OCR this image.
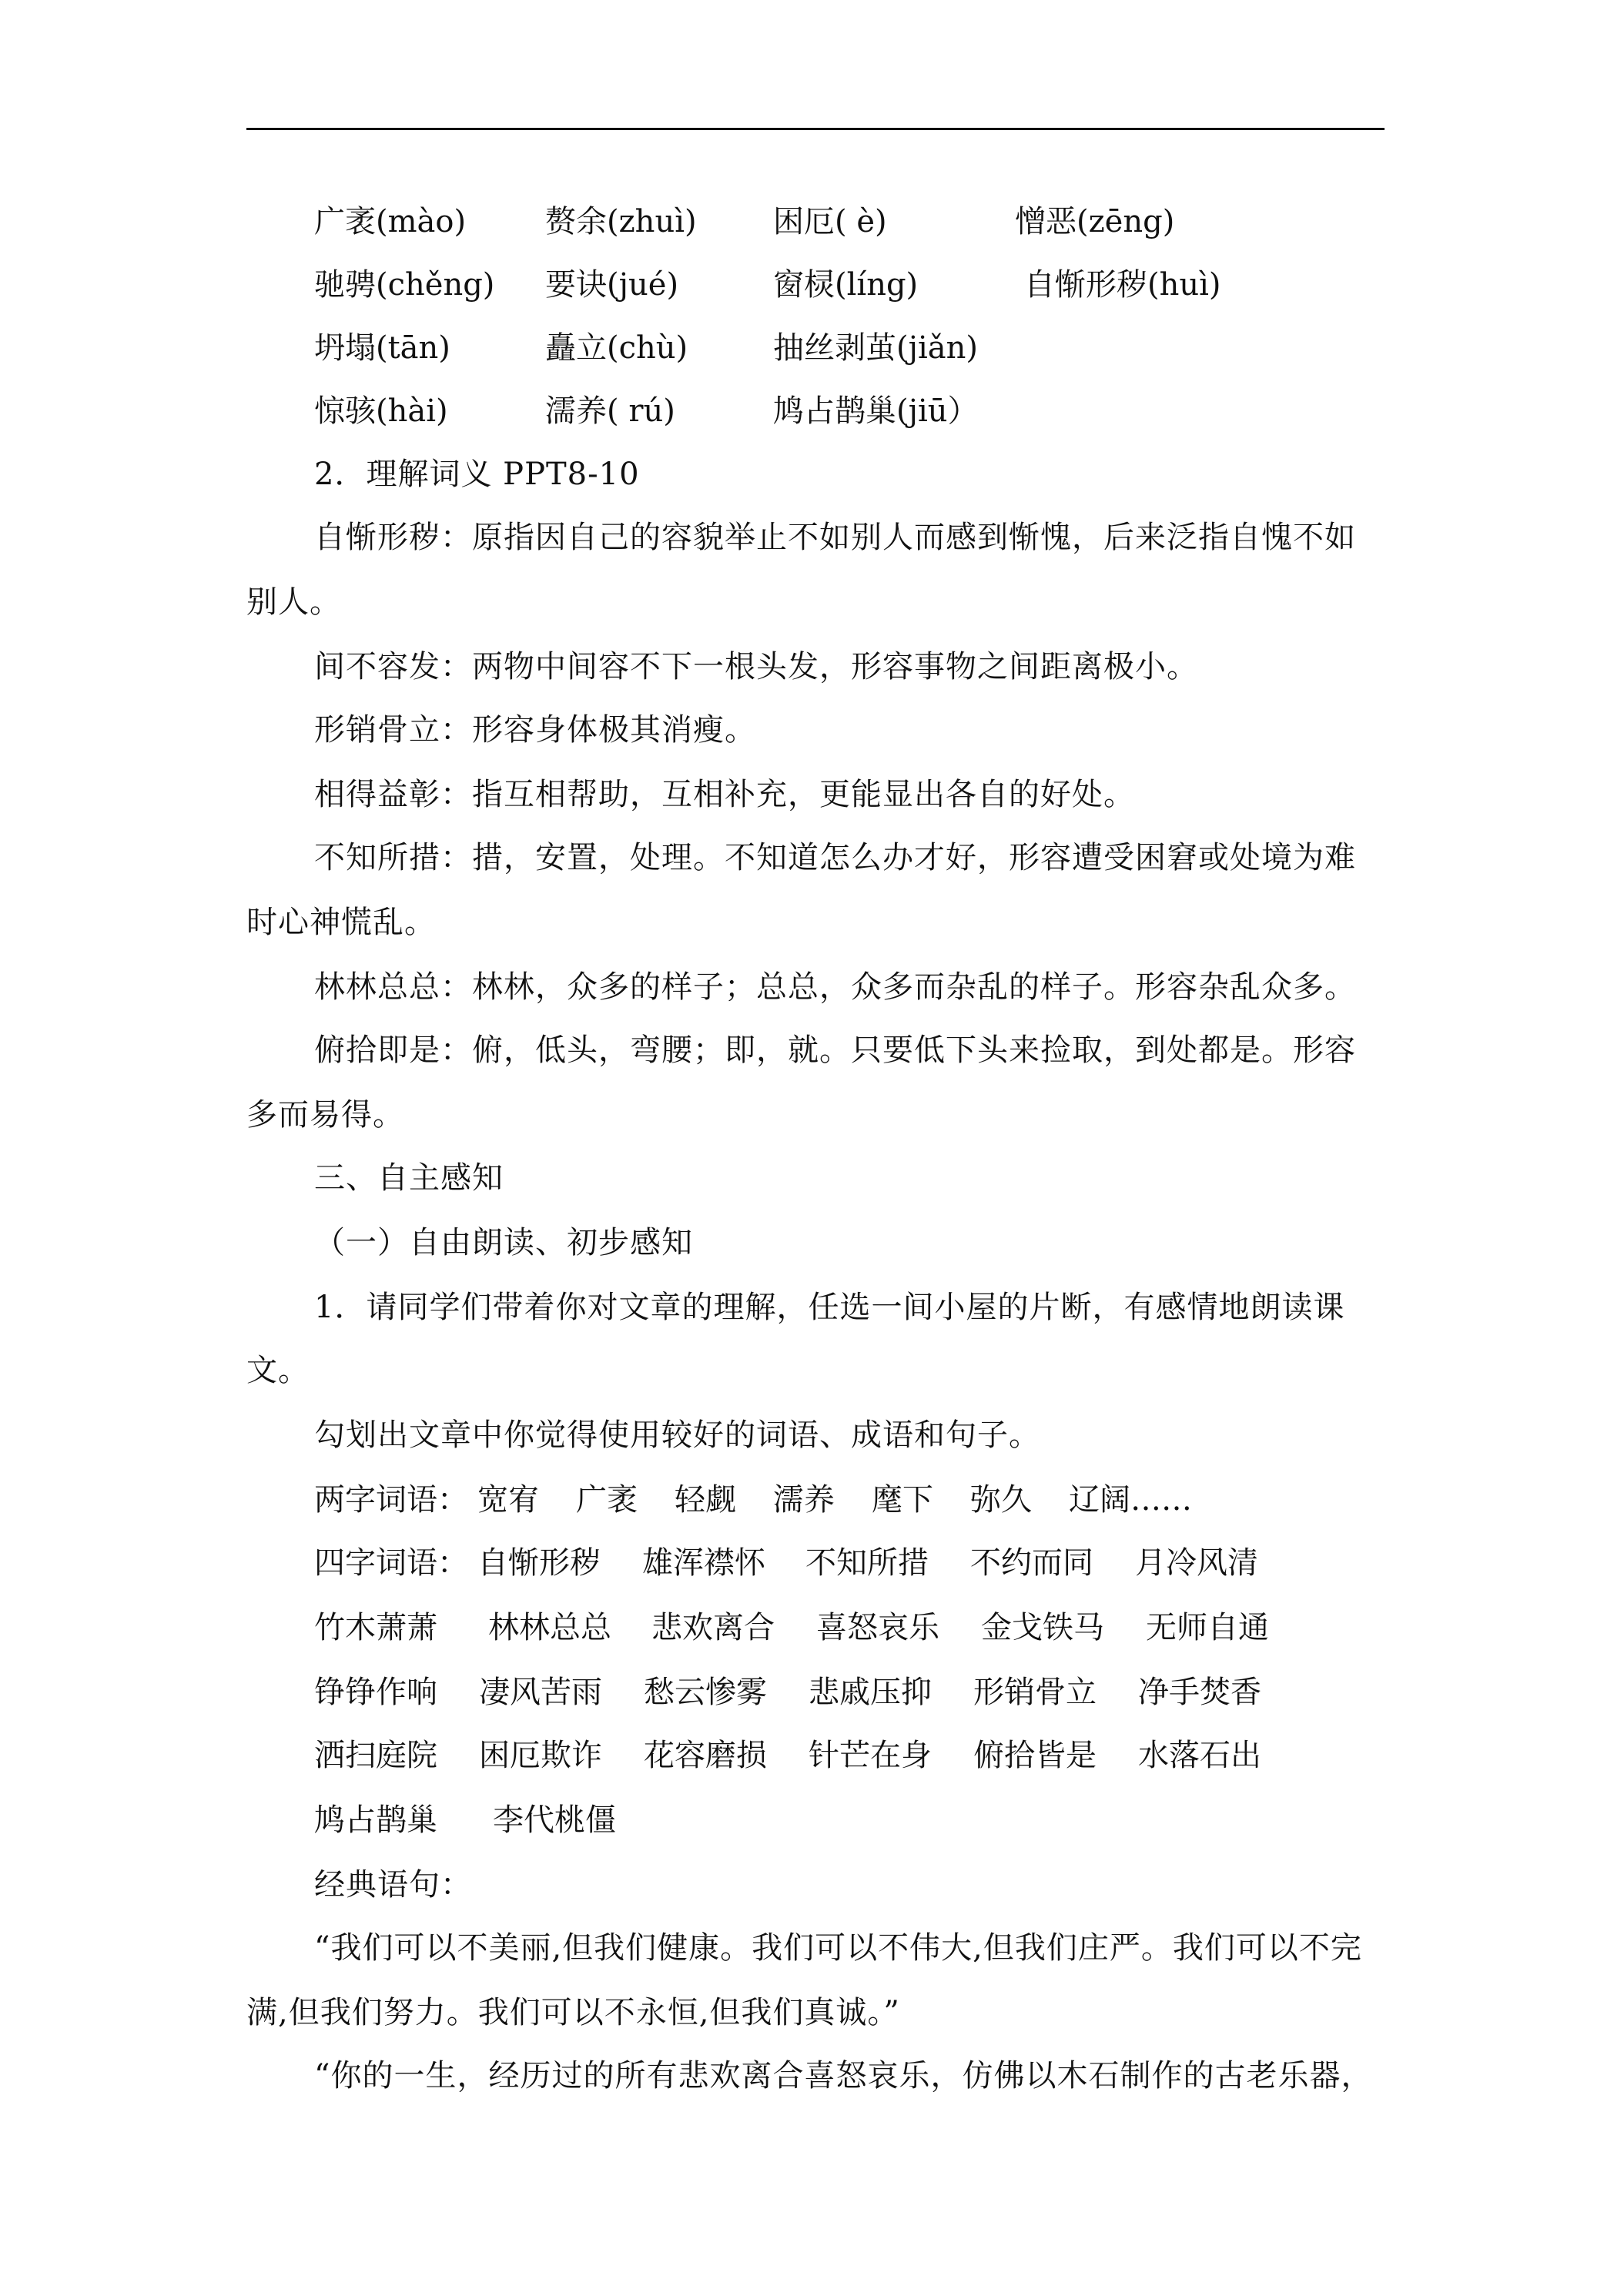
广袤(mào)	赘余(zhuì) 困厄( è)	憎恶(zēng)
驰骋(chěng) 要诀(jué)	窗棂(líng)	自惭形秽(huì)
坍塌(tān)	矗立(chù)	抽丝剥茧(jiǎn)
惊骇(hài)	濡养( rú)	鸠占鹊巢(jiū）
2．理解词义 PPT8-10
自惭形秽：原指因自己的容貌举止不如别人而感到惭愧，后来泛指自愧不如
别人。
间不容发：两物中间容不下一根头发，形容事物之间距离极小。
形销骨立：形容身体极其消瘦。
相得益彰：指互相帮助，互相补充，更能显出各自的好处。
不知所措：措，安置，处理。不知道怎么办才好，形容遭受困窘或处境为难
时心神慌乱。
林林总总：林林，众多的样子；总总，众多而杂乱的样子。形容杂乱众多。
俯拾即是：俯，低头，弯腰；即，就。只要低下头来捡取，到处都是。形容
多而易得。
三、自主感知
（一）自由朗读、初步感知
1．请同学们带着你对文章的理解，任选一间小屋的片断，有感情地朗读课
文。
勾划出文章中你觉得使用较好的词语、成语和句子。
两字词语： 宽宥 广袤 轻觑 濡养 麾下 弥久 辽阔……
四字词语： 自惭形秽 雄浑襟怀 不知所措 不约而同 月冷风清
竹木萧萧 林林总总 悲欢离合 喜怒哀乐 金戈铁马 无师自通
铮铮作响 凄风苦雨 愁云惨雾 悲戚压抑 形销骨立 净手焚香
洒扫庭院 困厄欺诈 花容磨损 针芒在身 俯拾皆是 水落石出
鸠占鹊巢 李代桃僵
经典语句：
“我们可以不美丽,但我们健康。我们可以不伟大,但我们庄严。我们可以不完
满,但我们努力。我们可以不永恒,但我们真诚。”
“你的一生，经历过的所有悲欢离合喜怒哀乐，仿佛以木石制作的古老乐器，
